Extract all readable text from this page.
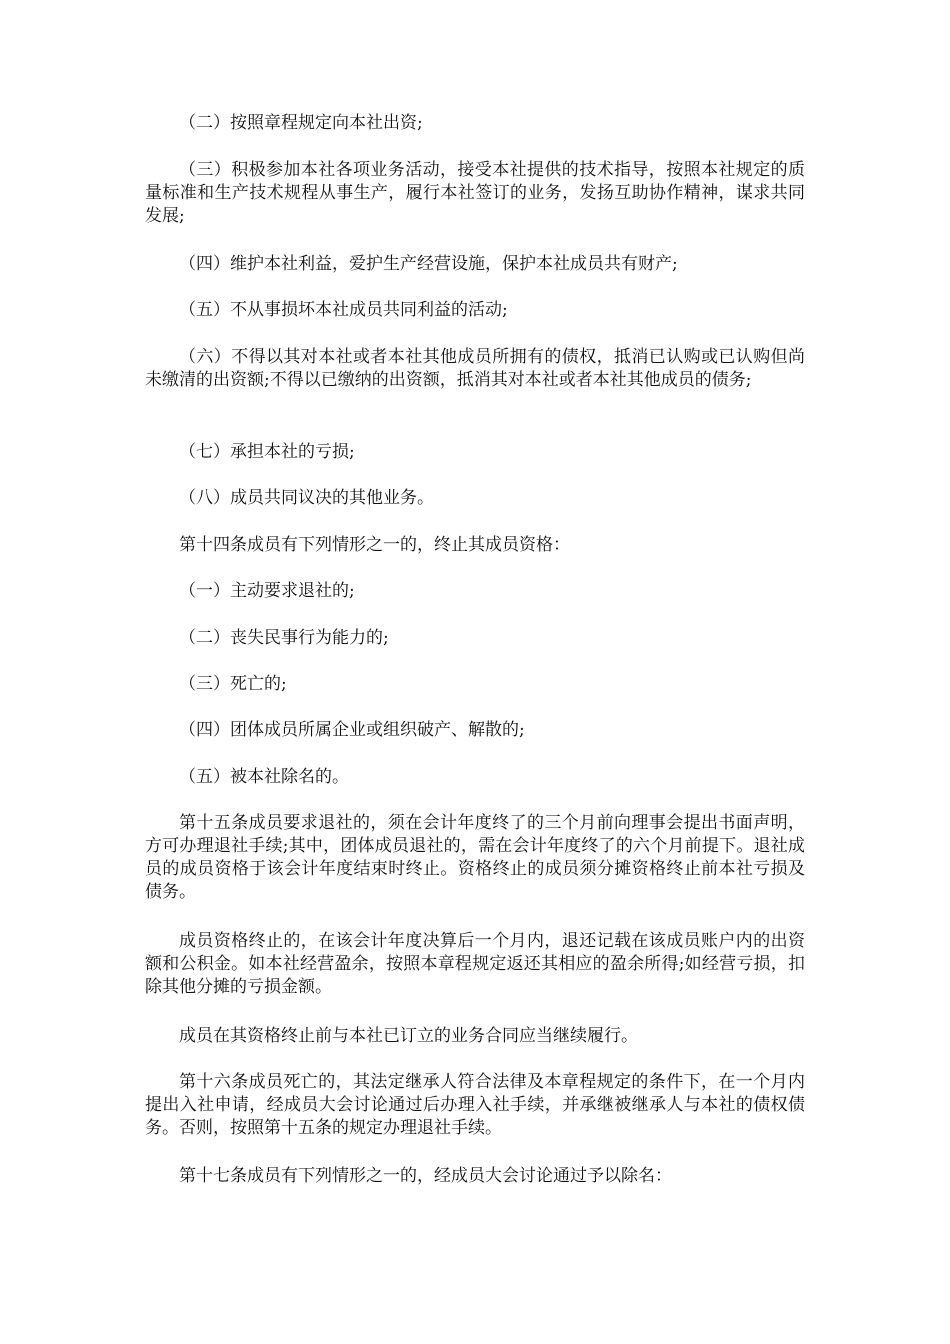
（二）按照章程规定向本社出资;

（三）积极参加本社各项业务活动，接受本社提供的技术指导，按照本社规定的质量标准和生产技术规程从事生产，履行本社签订的业务，发扬互助协作精神，谋求共同发展;

（四）维护本社利益，爱护生产经营设施，保护本社成员共有财产;

（五）不从事损坏本社成员共同利益的活动;

（六）不得以其对本社或者本社其他成员所拥有的债权，抵消已认购或已认购但尚未缴清的出资额;不得以已缴纳的出资额，抵消其对本社或者本社其他成员的债务;

（七）承担本社的亏损;

（八）成员共同议决的其他业务。

第十四条成员有下列情形之一的，终止其成员资格：

（一）主动要求退社的;

（二）丧失民事行为能力的;

（三）死亡的;

（四）团体成员所属企业或组织破产、解散的;

（五）被本社除名的。

第十五条成员要求退社的，须在会计年度终了的三个月前向理事会提出书面声明，方可办理退社手续;其中，团体成员退社的，需在会计年度终了的六个月前提下。退社成员的成员资格于该会计年度结束时终止。资格终止的成员须分摊资格终止前本社亏损及债务。

成员资格终止的，在该会计年度决算后一个月内，退还记载在该成员账户内的出资额和公积金。如本社经营盈余，按照本章程规定返还其相应的盈余所得;如经营亏损，扣除其他分摊的亏损金额。

成员在其资格终止前与本社已订立的业务合同应当继续履行。

第十六条成员死亡的，其法定继承人符合法律及本章程规定的条件下，在一个月内提出入社申请，经成员大会讨论通过后办理入社手续，并承继被继承人与本社的债权债务。否则，按照第十五条的规定办理退社手续。

第十七条成员有下列情形之一的，经成员大会讨论通过予以除名：
